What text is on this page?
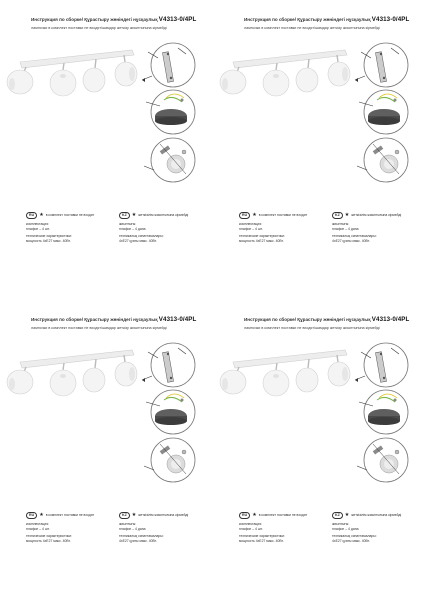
Инструкция по сборке/ Құрастыру жөніндегі нұсқаулық V4313-0/4PL
лампочки в комплект поставки не входят/шамдар жеткізу жиынтығына кірмейді
RU	★ в комплект поставки не входят
комплектация:
плафон – 4 шт.
технические характеристики:
мощность 4хE27 макс. 40Вт.
KZ	★ жеткізілім жиынтығына кірмейді
жиынтығы:
плафон – 4 дана
техникалық сипаттамалары:
4хE27 қуаты макс. 40Вт.
Инструкция по сборке/ Құрастыру жөніндегі нұсқаулық V4313-0/4PL
лампочки в комплект поставки не входят/шамдар жеткізу жиынтығына кірмейді
RU	★ в комплект поставки не входят
комплектация:
плафон – 4 шт.
технические характеристики:
мощность 4хE27 макс. 40Вт.
KZ	★ жеткізілім жиынтығына кірмейді
жиынтығы:
плафон – 4 дана
техникалық сипаттамалары:
4хE27 қуаты макс. 40Вт.
Инструкция по сборке/ Құрастыру жөніндегі нұсқаулық V4313-0/4PL
лампочки в комплект поставки не входят/шамдар жеткізу жиынтығына кірмейді
RU	★ в комплект поставки не входят
комплектация:
плафон – 4 шт.
технические характеристики:
мощность 4хE27 макс. 40Вт.
KZ	★ жеткізілім жиынтығына кірмейді
жиынтығы:
плафон – 4 дана
техникалық сипаттамалары:
4хE27 қуаты макс. 40Вт.
Инструкция по сборке/ Құрастыру жөніндегі нұсқаулық V4313-0/4PL
лампочки в комплект поставки не входят/шамдар жеткізу жиынтығына кірмейді
RU	★ в комплект поставки не входят
комплектация:
плафон – 4 шт.
технические характеристики:
мощность 4хE27 макс. 40Вт.
KZ	★ жеткізілім жиынтығына кірмейді
жиынтығы:
плафон – 4 дана
техникалық сипаттамалары:
4хE27 қуаты макс. 40Вт.
